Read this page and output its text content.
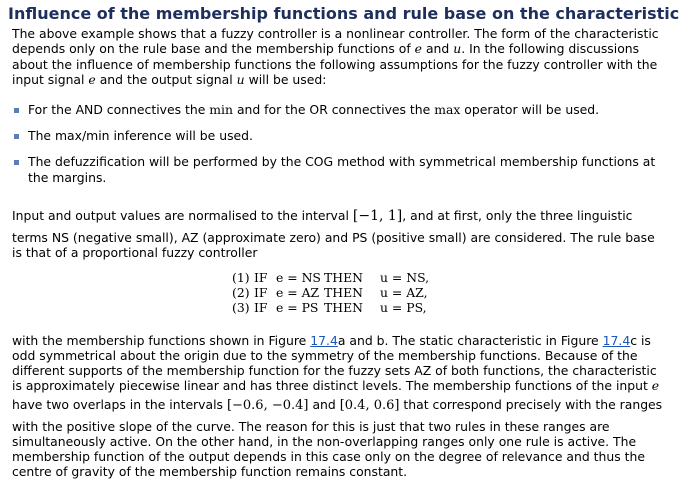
Influence of the membership functions and rule base on the characteristic
The above example shows that a fuzzy controller is a nonlinear controller. The form of the characteristic
depends only on the rule base and the membership functions of e and u. In the following discussions
about the influence of membership functions the following assumptions for the fuzzy controller with the
input signal e and the output signal u will be used:
For the AND connectives the min and for the OR connectives the max operator will be used.
The max/min inference will be used.
The defuzzification will be performed by the COG method with symmetrical membership functions at
the margins.
Input and output values are normalised to the interval [−1, 1], and at first, only the three linguistic
terms NS (negative small), AZ (approximate zero) and PS (positive small) are considered. The rule base
is that of a proportional fuzzy controller
(1) IF e = NS THEN u = NS,
(2) IF e = AZ THEN u = AZ,
(3) IF e = PS THEN u = PS,
with the membership functions shown in Figure 17.4a and b. The static characteristic in Figure 17.4c is
odd symmetrical about the origin due to the symmetry of the membership functions. Because of the
different supports of the membership function for the fuzzy sets AZ of both functions, the characteristic
is approximately piecewise linear and has three distinct levels. The membership functions of the input e
have two overlaps in the intervals [−0.6, −0.4] and [0.4, 0.6] that correspond precisely with the ranges
with the positive slope of the curve. The reason for this is just that two rules in these ranges are
simultaneously active. On the other hand, in the non-overlapping ranges only one rule is active. The
membership function of the output depends in this case only on the degree of relevance and thus the
centre of gravity of the membership function remains constant.
